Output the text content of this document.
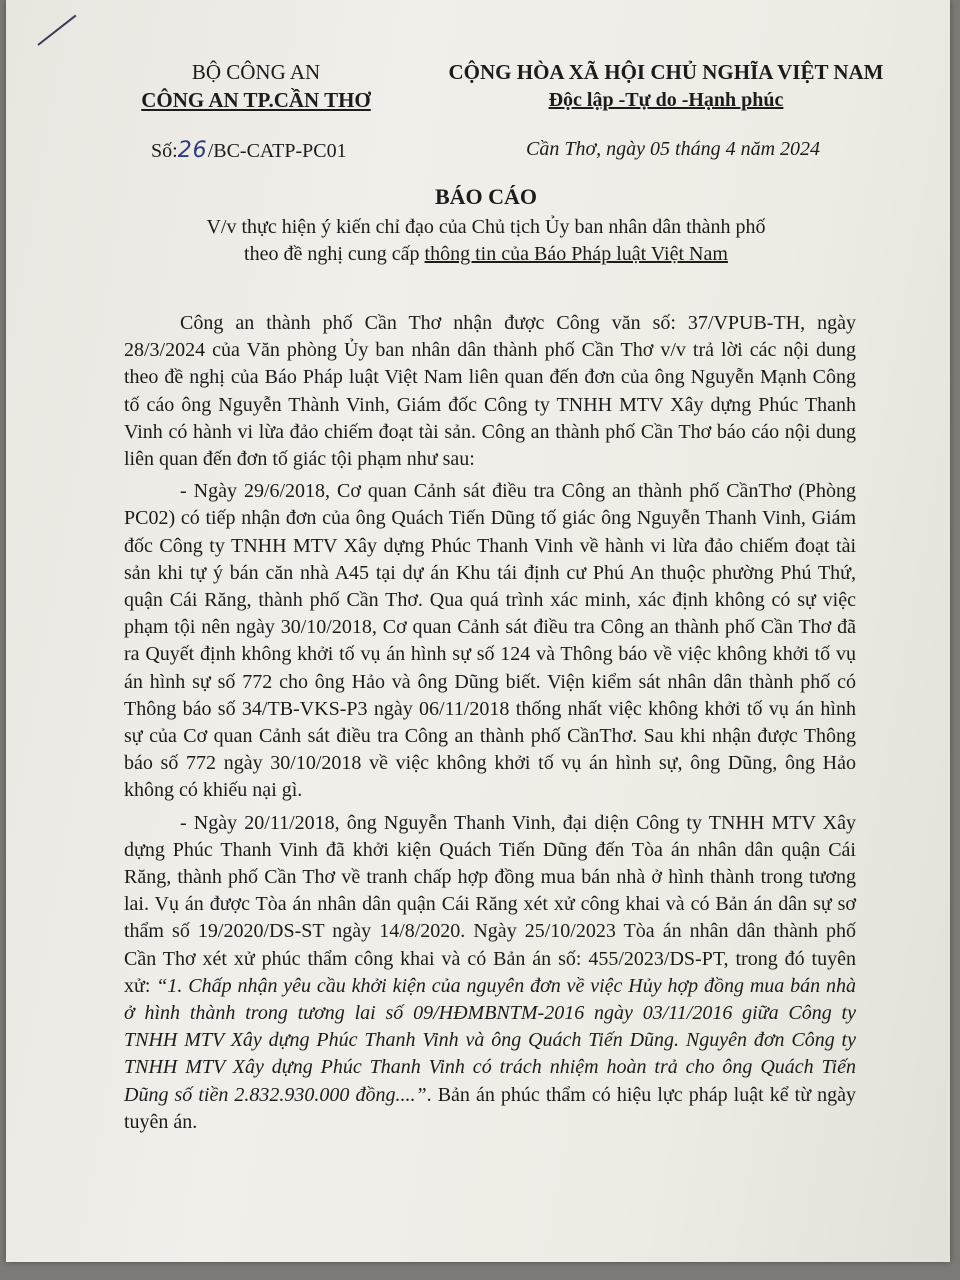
BỘ CÔNG AN
CÔNG AN TP.CẦN THƠ
CỘNG HÒA XÃ HỘI CHỦ NGHĨA VIỆT NAM
Độc lập -Tự do -Hạnh phúc
Số:26/BC-CATP-PC01	Cần Thơ, ngày 05 tháng 4 năm 2024
BÁO CÁO
V/v thực hiện ý kiến chỉ đạo của Chủ tịch Ủy ban nhân dân thành phố
theo đề nghị cung cấp thông tin của Báo Pháp luật Việt Nam

Công an thành phố Cần Thơ nhận được Công văn số: 37/VPUB-TH, ngày 28/3/2024 của Văn phòng Ủy ban nhân dân thành phố Cần Thơ v/v trả lời các nội dung theo đề nghị của Báo Pháp luật Việt Nam liên quan đến đơn của ông Nguyễn Mạnh Công tố cáo ông Nguyễn Thành Vinh, Giám đốc Công ty TNHH MTV Xây dựng Phúc Thanh Vinh có hành vi lừa đảo chiếm đoạt tài sản. Công an thành phố Cần Thơ báo cáo nội dung liên quan đến đơn tố giác tội phạm như sau:

- Ngày 29/6/2018, Cơ quan Cảnh sát điều tra Công an thành phố CầnThơ (Phòng PC02) có tiếp nhận đơn của ông Quách Tiến Dũng tố giác ông Nguyễn Thanh Vinh, Giám đốc Công ty TNHH MTV Xây dựng Phúc Thanh Vinh về hành vi lừa đảo chiếm đoạt tài sản khi tự ý bán căn nhà A45 tại dự án Khu tái định cư Phú An thuộc phường Phú Thứ, quận Cái Răng, thành phố Cần Thơ. Qua quá trình xác minh, xác định không có sự việc phạm tội nên ngày 30/10/2018, Cơ quan Cảnh sát điều tra Công an thành phố Cần Thơ đã ra Quyết định không khởi tố vụ án hình sự số 124 và Thông báo về việc không khởi tố vụ án hình sự số 772 cho ông Hảo và ông Dũng biết. Viện kiểm sát nhân dân thành phố có Thông báo số 34/TB-VKS-P3 ngày 06/11/2018 thống nhất việc không khởi tố vụ án hình sự của Cơ quan Cảnh sát điều tra Công an thành phố CầnThơ. Sau khi nhận được Thông báo số 772 ngày 30/10/2018 về việc không khởi tố vụ án hình sự, ông Dũng, ông Hảo không có khiếu nại gì.

- Ngày 20/11/2018, ông Nguyễn Thanh Vinh, đại diện Công ty TNHH MTV Xây dựng Phúc Thanh Vinh đã khởi kiện Quách Tiến Dũng đến Tòa án nhân dân quận Cái Răng, thành phố Cần Thơ về tranh chấp hợp đồng mua bán nhà ở hình thành trong tương lai. Vụ án được Tòa án nhân dân quận Cái Răng xét xử công khai và có Bản án dân sự sơ thẩm số 19/2020/DS-ST ngày 14/8/2020. Ngày 25/10/2023 Tòa án nhân dân thành phố Cần Thơ xét xử phúc thẩm công khai và có Bản án số: 455/2023/DS-PT, trong đó tuyên xử: “1. Chấp nhận yêu cầu khởi kiện của nguyên đơn về việc Hủy hợp đồng mua bán nhà ở hình thành trong tương lai số 09/HĐMBNTM-2016 ngày 03/11/2016 giữa Công ty TNHH MTV Xây dựng Phúc Thanh Vinh và ông Quách Tiến Dũng. Nguyên đơn Công ty TNHH MTV Xây dựng Phúc Thanh Vinh có trách nhiệm hoàn trả cho ông Quách Tiến Dũng số tiền 2.832.930.000 đồng....”. Bản án phúc thẩm có hiệu lực pháp luật kể từ ngày tuyên án.
